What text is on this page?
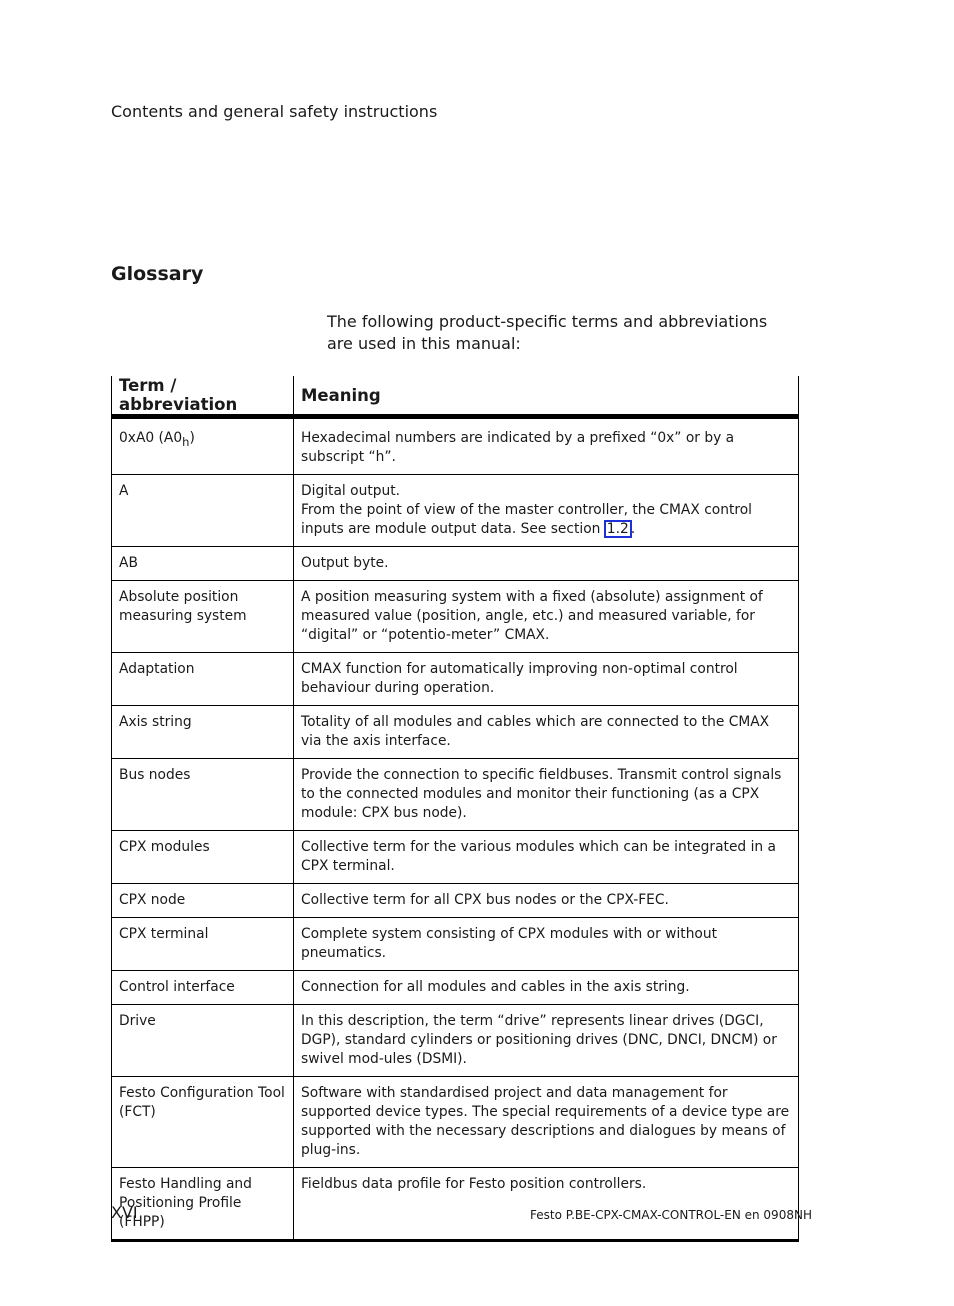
Contents and general safety instructions
Glossary

The following product-specific terms and abbreviations are used in this manual:

Term / abbreviation	Meaning
0xA0 $(A0_h)$	Hexadecimal numbers are indicated by a prefixed “0x” or by a subscript “h”.
A	Digital output.
From the point of view of the master controller, the CMAX control inputs are module output data. See section 1.2 .
AB	Output byte.
Absolute position measuring system	A position measuring system with a fixed (absolute) assignment of measured value (position, angle, etc.) and measured variable, for “digital” or “potentio-meter” CMAX.
Adaptation	CMAX function for automatically improving non-optimal control behaviour during operation.
Axis string	Totality of all modules and cables which are connected to the CMAX via the axis interface.
Bus nodes	Provide the connection to specific fieldbuses. Transmit control signals to the connected modules and monitor their functioning (as a CPX module: CPX bus node).
CPX modules	Collective term for the various modules which can be integrated in a CPX terminal.
CPX node	Collective term for all CPX bus nodes or the CPX-FEC.
CPX terminal	Complete system consisting of CPX modules with or without pneumatics.
Control interface	Connection for all modules and cables in the axis string.
Drive	In this description, the term “drive” represents linear drives (DGCI, DGP), standard cylinders or positioning drives (DNC, DNCI, DNCM) or swivel mod-ules (DSMI).
Festo Configuration Tool (FCT)	Software with standardised project and data management for supported device types. The special requirements of a device type are supported with the necessary descriptions and dialogues by means of plug-ins.
Festo Handling and Positioning Profile (FHPP)	Fieldbus data profile for Festo position controllers.
XVI	Festo P.BE-CPX-CMAX-CONTROL-EN en 0908NH
